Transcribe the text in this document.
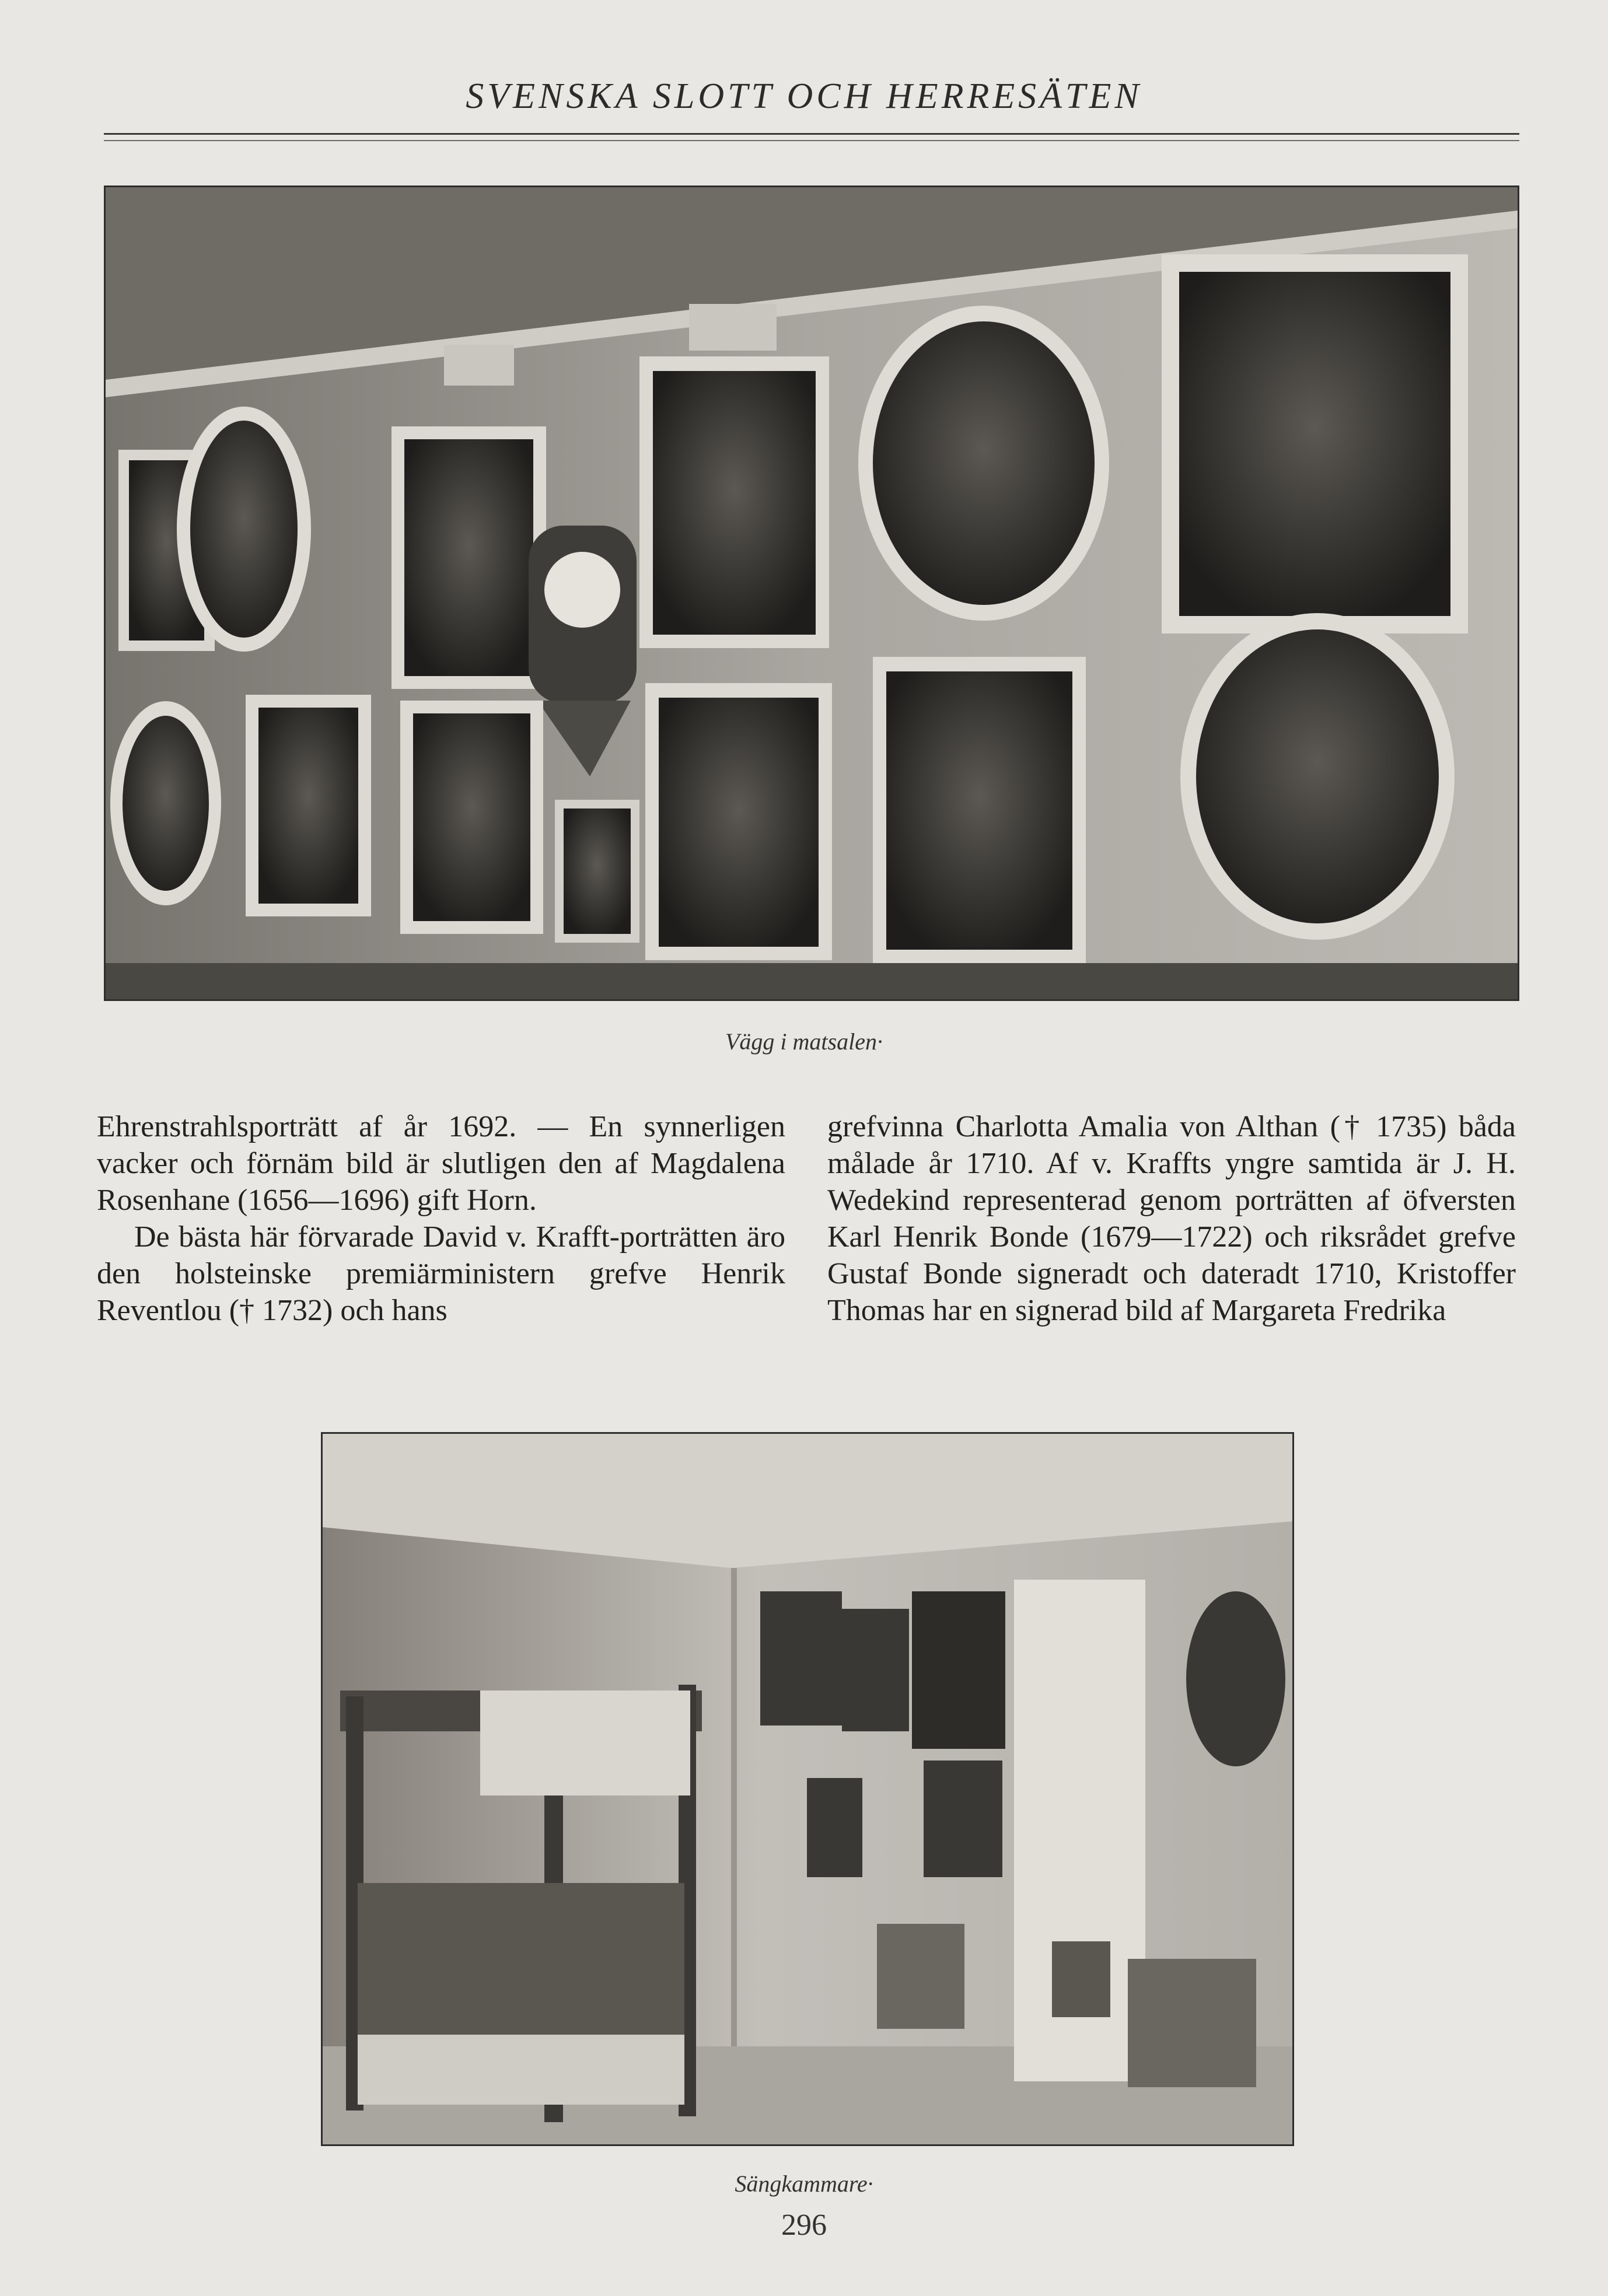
SVENSKA SLOTT OCH HERRESÄTEN
Vägg i matsalen·

Ehrenstrahlsporträtt af år 1692. — En synnerligen vacker och förnäm bild är slutligen den af Magdalena Rosenhane (1656—1696) gift Horn.

De bästa här förvarade David v. Krafft-porträtten äro den holsteinske premiärministern grefve Henrik Reventlou († 1732) och hans

grefvinna Charlotta Amalia von Althan († 1735) båda målade år 1710. Af v. Kraffts yngre samtida är J. H. Wedekind representerad genom porträtten af öfversten Karl Henrik Bonde (1679—1722) och riksrådet grefve Gustaf Bonde signeradt och dateradt 1710, Kristoffer Thomas har en signerad bild af Margareta Fredrika

Sängkammare·
296
